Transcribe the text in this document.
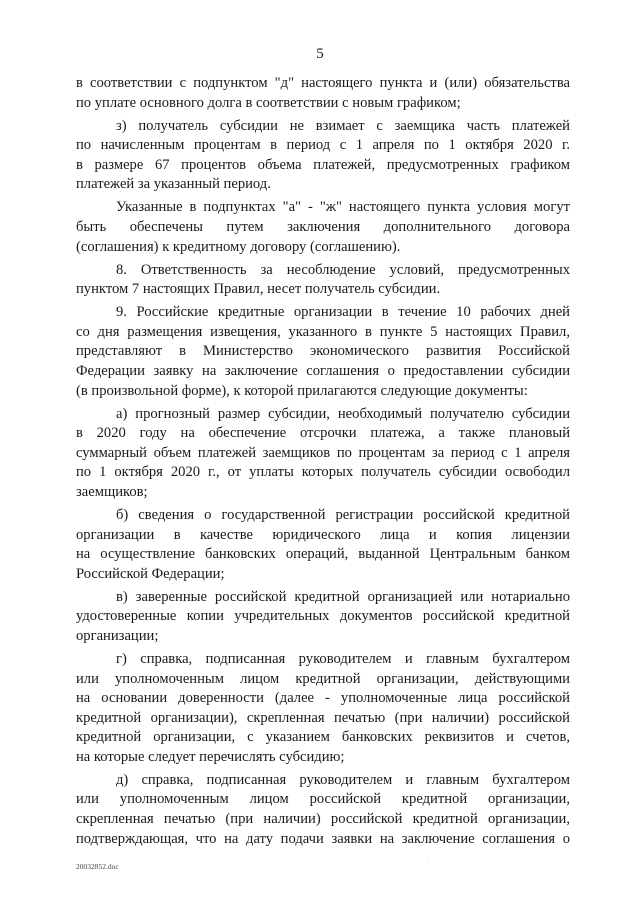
5
в соответствии с подпунктом "д" настоящего пункта и (или) обязательства
по уплате основного долга в соответствии с новым графиком;
з) получатель субсидии не взимает с заемщика часть платежей
по начисленным процентам в период с 1 апреля по 1 октября 2020 г.
в размере 67 процентов объема платежей, предусмотренных графиком
платежей за указанный период.
Указанные в подпунктах "а" - "ж" настоящего пункта условия могут
быть обеспечены путем заключения дополнительного договора
(соглашения) к кредитному договору (соглашению).
8. Ответственность за несоблюдение условий, предусмотренных
пунктом 7 настоящих Правил, несет получатель субсидии.
9. Российские кредитные организации в течение 10 рабочих дней
со дня размещения извещения, указанного в пункте 5 настоящих Правил,
представляют в Министерство экономического развития Российской
Федерации заявку на заключение соглашения о предоставлении субсидии
(в произвольной форме), к которой прилагаются следующие документы:
а) прогнозный размер субсидии, необходимый получателю субсидии
в 2020 году на обеспечение отсрочки платежа, а также плановый
суммарный объем платежей заемщиков по процентам за период с 1 апреля
по 1 октября 2020 г., от уплаты которых получатель субсидии освободил
заемщиков;
б) сведения о государственной регистрации российской кредитной
организации в качестве юридического лица и копия лицензии
на осуществление банковских операций, выданной Центральным банком
Российской Федерации;
в) заверенные российской кредитной организацией или нотариально
удостоверенные копии учредительных документов российской кредитной
организации;
г) справка, подписанная руководителем и главным бухгалтером
или уполномоченным лицом кредитной организации, действующими
на основании доверенности (далее - уполномоченные лица российской
кредитной организации), скрепленная печатью (при наличии) российской
кредитной организации, с указанием банковских реквизитов и счетов,
на которые следует перечислять субсидию;
д) справка, подписанная руководителем и главным бухгалтером
или уполномоченным лицом российской кредитной организации,
скрепленная печатью (при наличии) российской кредитной организации,
подтверждающая, что на дату подачи заявки на заключение соглашения о
20032852.doc
.
